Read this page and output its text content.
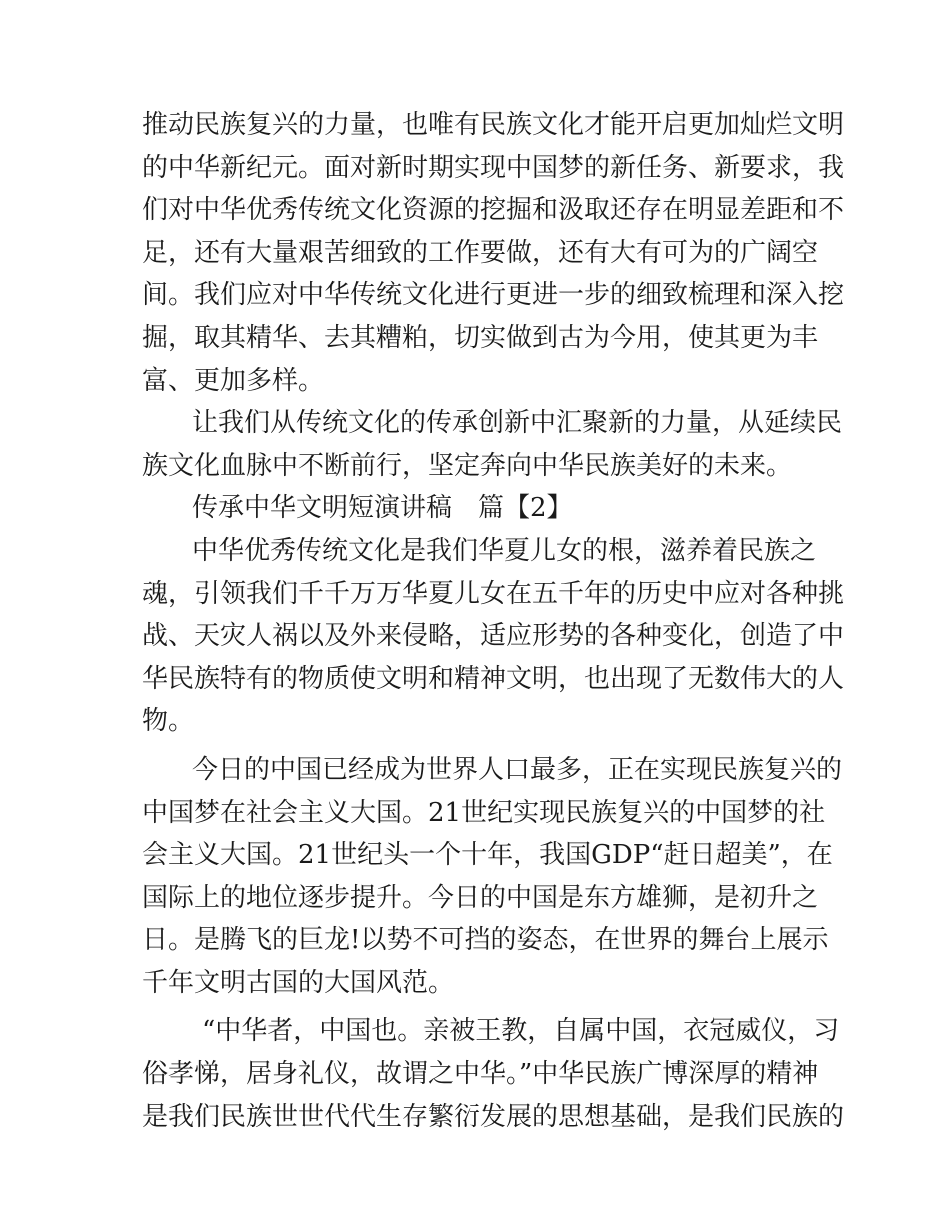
推动民族复兴的力量，也唯有民族文化才能开启更加灿烂文明
的中华新纪元。面对新时期实现中国梦的新任务、新要求，我
们对中华优秀传统文化资源的挖掘和汲取还存在明显差距和不
足，还有大量艰苦细致的工作要做，还有大有可为的广阔空
间。我们应对中华传统文化进行更进一步的细致梳理和深入挖
掘，取其精华、去其糟粕，切实做到古为今用，使其更为丰
富、更加多样。
让我们从传统文化的传承创新中汇聚新的力量，从延续民
族文化血脉中不断前行，坚定奔向中华民族美好的未来。
传承中华文明短演讲稿　篇【2】
中华优秀传统文化是我们华夏儿女的根，滋养着民族之
魂，引领我们千千万万华夏儿女在五千年的历史中应对各种挑
战、天灾人祸以及外来侵略，适应形势的各种变化，创造了中
华民族特有的物质使文明和精神文明，也出现了无数伟大的人
物。
今日的中国已经成为世界人口最多，正在实现民族复兴的
中国梦在社会主义大国。21世纪实现民族复兴的中国梦的社
会主义大国。21世纪头一个十年，我国GDP“赶日超美”，在
国际上的地位逐步提升。今日的中国是东方雄狮，是初升之
日。是腾飞的巨龙!以势不可挡的姿态，在世界的舞台上展示
千年文明古国的大国风范。
“中华者，中国也。亲被王教，自属中国，衣冠威仪，习
俗孝悌，居身礼仪，故谓之中华。”中华民族广博深厚的精神
是我们民族世世代代生存繁衍发展的思想基础，是我们民族的
